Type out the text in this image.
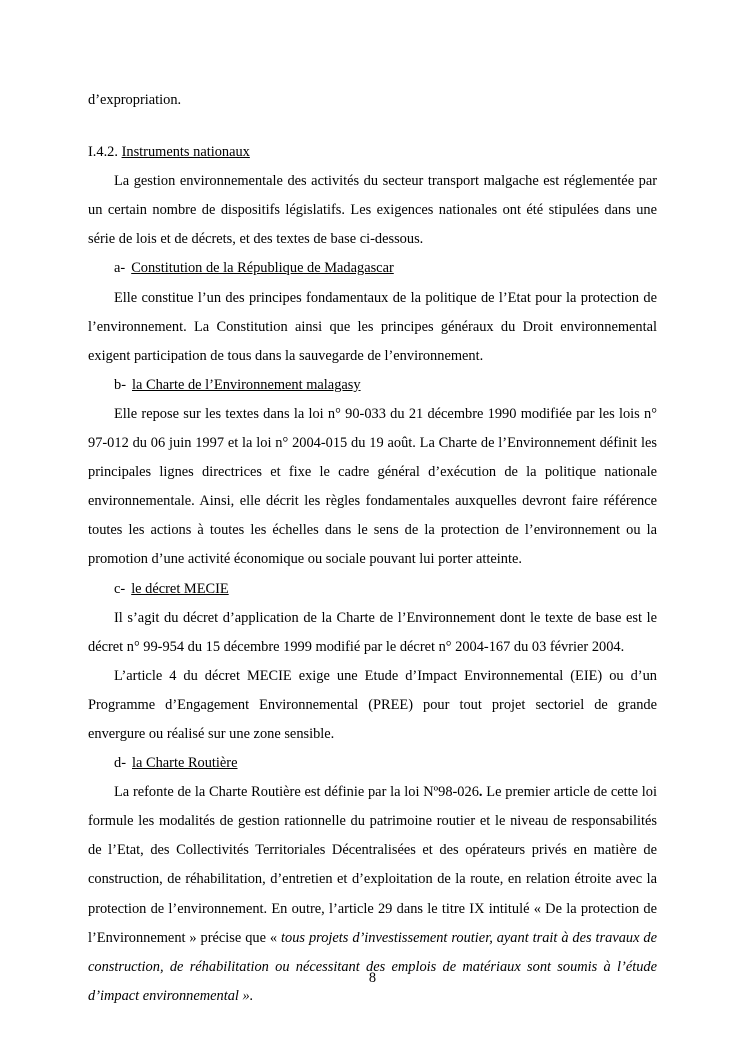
d’expropriation.

I.4.2. Instruments nationaux

La gestion environnementale des activités du secteur transport malgache est réglementée par un certain nombre de dispositifs législatifs. Les exigences nationales ont été stipulées dans une série de lois et de décrets, et des textes de base ci-dessous.

a- Constitution de la République de Madagascar

Elle constitue l’un des principes fondamentaux de la politique de l’Etat pour la protection de l’environnement. La Constitution ainsi que les principes généraux du Droit environnemental exigent participation de tous dans la sauvegarde de l’environnement.

b- la Charte de l’Environnement malagasy

Elle repose sur les textes dans la loi n° 90-033 du 21 décembre 1990 modifiée par les lois n° 97-012 du 06 juin 1997 et la loi n° 2004-015 du 19 août. La Charte de l’Environnement définit les principales lignes directrices et fixe le cadre général d’exécution de la politique nationale environnementale. Ainsi, elle décrit les règles fondamentales auxquelles devront faire référence toutes les actions à toutes les échelles dans le sens de la protection de l’environnement ou la promotion d’une activité économique ou sociale pouvant lui porter atteinte.

c- le décret MECIE

Il s’agit du décret d’application de la Charte de l’Environnement dont le texte de base est le décret n° 99-954 du 15 décembre 1999 modifié par le décret n° 2004-167 du 03 février 2004.

L’article 4 du décret MECIE exige une Etude d’Impact Environnemental (EIE) ou d’un Programme d’Engagement Environnemental (PREE) pour tout projet sectoriel de grande envergure ou réalisé sur une zone sensible.

d- la Charte Routière

La refonte de la Charte Routière est définie par la loi Nº98-026. Le premier article de cette loi formule les modalités de gestion rationnelle du patrimoine routier et le niveau de responsabilités de l’Etat, des Collectivités Territoriales Décentralisées et des opérateurs privés en matière de construction, de réhabilitation, d’entretien et d’exploitation de la route, en relation étroite avec la protection de l’environnement. En outre, l’article 29 dans le titre IX intitulé « De la protection de l’Environnement » précise que « tous projets d’investissement routier, ayant trait à des travaux de construction, de réhabilitation ou nécessitant des emplois de matériaux sont soumis à l’étude d’impact environnemental ».

8
